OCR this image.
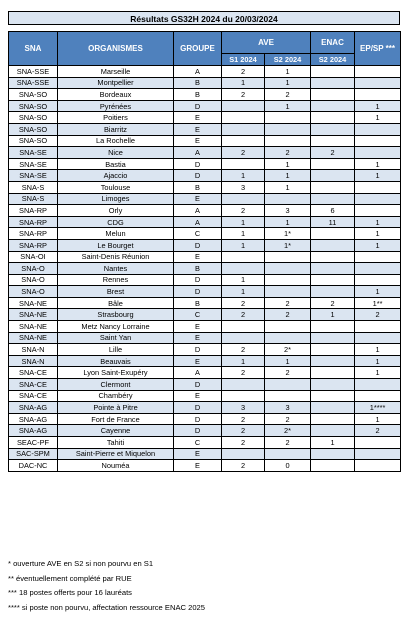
Résultats GS32H 2024 du 20/03/2024
SNA	ORGANISMES	GROUPE	AVE		ENAC	EP/SP ***
			S1 2024	S2 2024	S2 2024	
SNA-SSE	Marseille	A	2	1		
SNA-SSE	Montpellier	B	1	1		
SNA-SO	Bordeaux	B	2	2		
SNA-SO	Pyrénées	D		1		1
SNA-SO	Poitiers	E				1
SNA-SO	Biarritz	E				
SNA-SO	La Rochelle	E				
SNA-SE	Nice	A	2	2	2	
SNA-SE	Bastia	D		1		1
SNA-SE	Ajaccio	D	1	1		1
SNA-S	Toulouse	B	3	1		
SNA-S	Limoges	E				
SNA-RP	Orly	A	2	3	6	
SNA-RP	CDG	A	1	1	11	1
SNA-RP	Melun	C	1	1*		1
SNA-RP	Le Bourget	D	1	1*		1
SNA-OI	Saint-Denis Réunion	E				
SNA-O	Nantes	B				
SNA-O	Rennes	D	1			
SNA-O	Brest	D	1			1
SNA-NE	Bâle	B	2	2	2	1**
SNA-NE	Strasbourg	C	2	2	1	2
SNA-NE	Metz Nancy Lorraine	E				
SNA-NE	Saint Yan	E				
SNA-N	Lille	D	2	2*		1
SNA-N	Beauvais	E	1	1		1
SNA-CE	Lyon Saint-Exupéry	A	2	2		1
SNA-CE	Clermont	D				
SNA-CE	Chambéry	E				
SNA-AG	Pointe à Pitre	D	3	3		1****
SNA-AG	Fort de France	D	2	2		1
SNA-AG	Cayenne	D	2	2*		2
SEAC-PF	Tahiti	C	2	2	1	
SAC-SPM	Saint-Pierre et Miquelon	E				
DAC-NC	Nouméa	E	2	0		
* ouverture AVE en S2 si non pourvu en S1
** éventuellement complété par RUE
*** 18 postes offerts pour 16 lauréats
**** si poste non pourvu, affectation ressource ENAC 2025
